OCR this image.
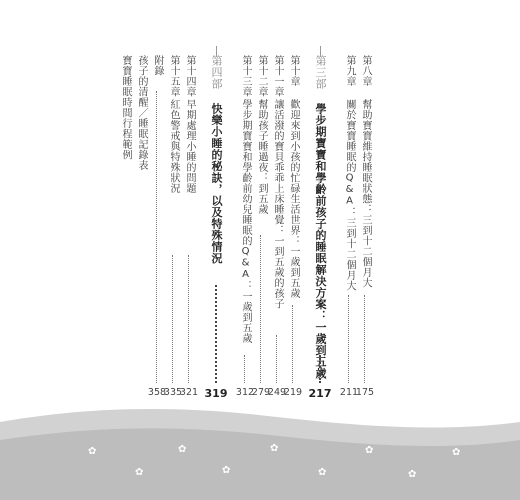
第八章
幫助寶寶維持睡眠狀態：三到十二個月大
175
第九章
關於寶寶睡眠的Q&A：三到十二個月大
211
第三部
學步期寶寶和學齡前孩子的睡眠解決方案：一歲到五歲
217
第十章
歡迎來到小孩的忙碌生活世界：一歲到五歲
219
第十一章
讓活潑的寶貝乖乖上床睡覺：一到五歲的孩子
249
第十二章
幫助孩子睡過夜：到五歲
279
第十三章
學步期寶寶和學齡前幼兒睡眠的Q&A：一歲到五歲
312
第四部
快樂小睡的秘訣，以及特殊情況
319
第十四章
早期處理小睡的問題
321
第十五章
紅色警戒與特殊狀況
335
附錄
358
孩子的清醒／睡眠記錄表
寶寶睡眠時間行程範例
✿
✿
✿
✿
✿
✿
✿
✿
✿
